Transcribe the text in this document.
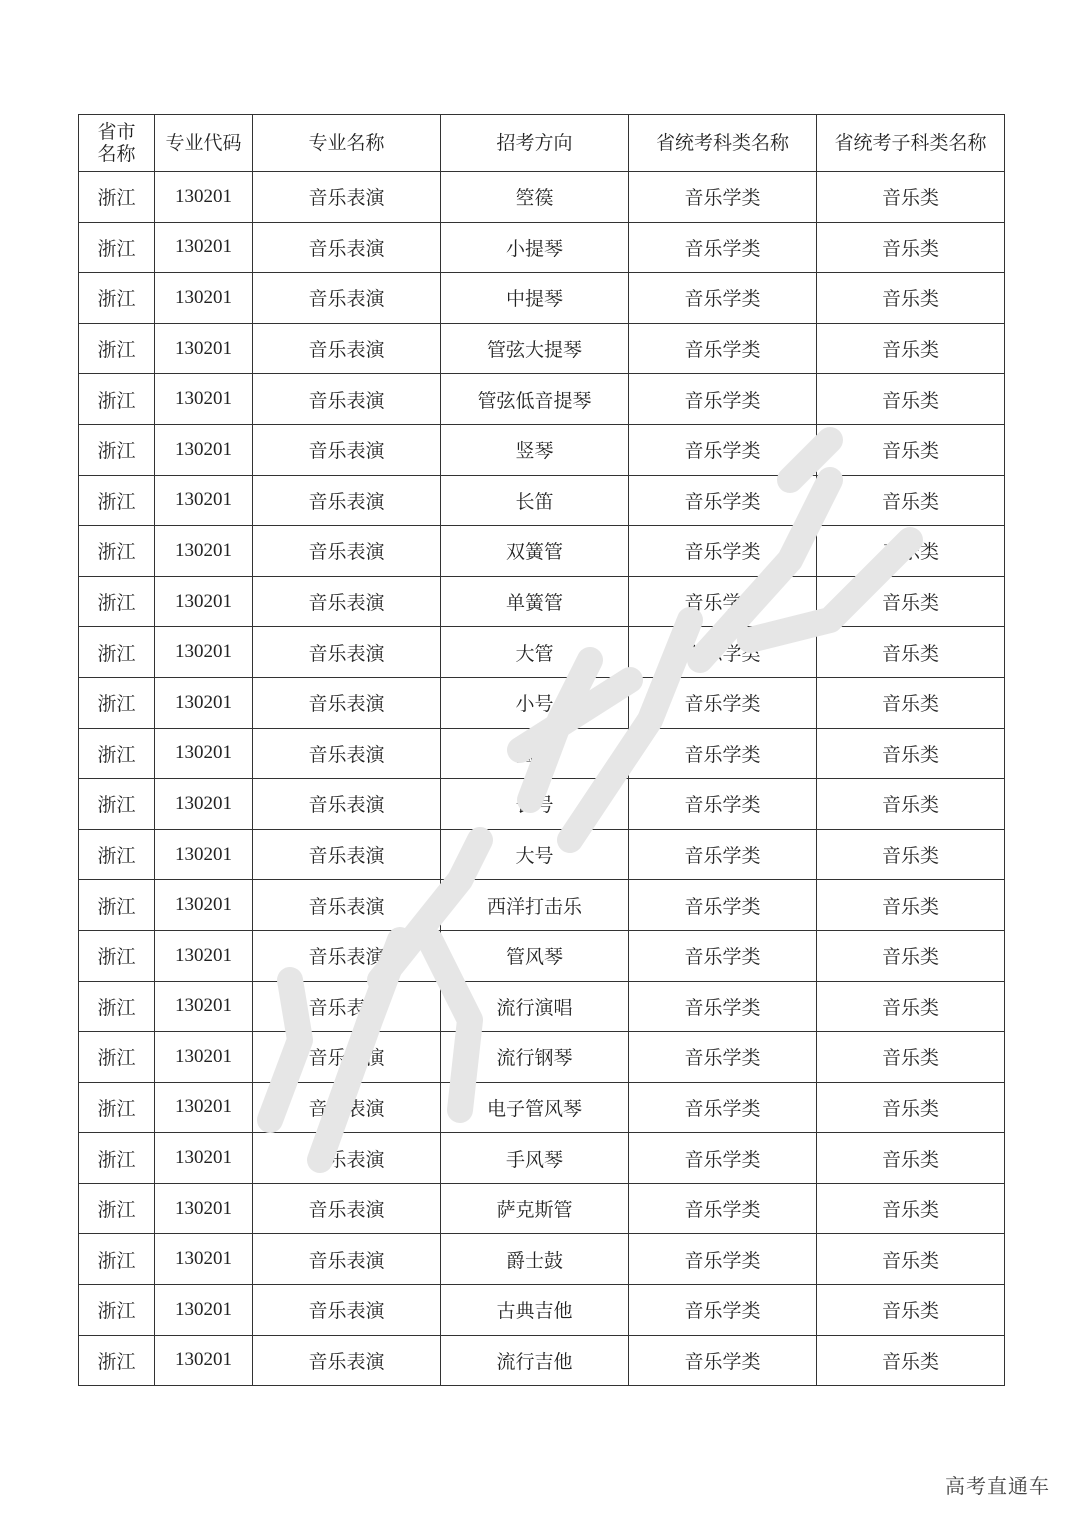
省市
名称	专业代码	专业名称	招考方向	省统考科类名称	省统考子科类名称
浙江	130201	音乐表演	箜篌	音乐学类	音乐类
浙江	130201	音乐表演	小提琴	音乐学类	音乐类
浙江	130201	音乐表演	中提琴	音乐学类	音乐类
浙江	130201	音乐表演	管弦大提琴	音乐学类	音乐类
浙江	130201	音乐表演	管弦低音提琴	音乐学类	音乐类
浙江	130201	音乐表演	竖琴	音乐学类	音乐类
浙江	130201	音乐表演	长笛	音乐学类	音乐类
浙江	130201	音乐表演	双簧管	音乐学类	音乐类
浙江	130201	音乐表演	单簧管	音乐学类	音乐类
浙江	130201	音乐表演	大管	音乐学类	音乐类
浙江	130201	音乐表演	小号	音乐学类	音乐类
浙江	130201	音乐表演	圆号	音乐学类	音乐类
浙江	130201	音乐表演	长号	音乐学类	音乐类
浙江	130201	音乐表演	大号	音乐学类	音乐类
浙江	130201	音乐表演	西洋打击乐	音乐学类	音乐类
浙江	130201	音乐表演	管风琴	音乐学类	音乐类
浙江	130201	音乐表演	流行演唱	音乐学类	音乐类
浙江	130201	音乐表演	流行钢琴	音乐学类	音乐类
浙江	130201	音乐表演	电子管风琴	音乐学类	音乐类
浙江	130201	音乐表演	手风琴	音乐学类	音乐类
浙江	130201	音乐表演	萨克斯管	音乐学类	音乐类
浙江	130201	音乐表演	爵士鼓	音乐学类	音乐类
浙江	130201	音乐表演	古典吉他	音乐学类	音乐类
浙江	130201	音乐表演	流行吉他	音乐学类	音乐类
高考直通车
